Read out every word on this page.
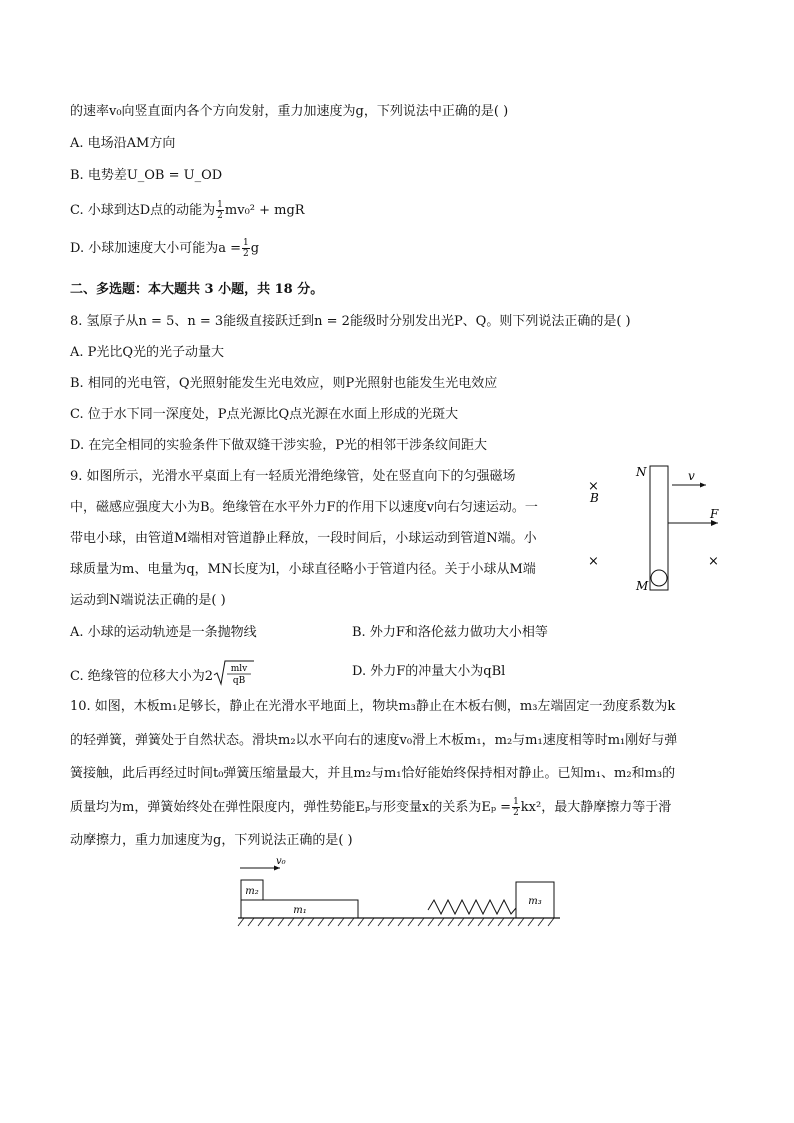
的速率v₀向竖直面内各个方向发射，重力加速度为g，下列说法中正确的是( )
A. 电场沿AM方向
B. 电势差U_OB = U_OD
C. 小球到达D点的动能为 $\frac{1}{2} mv_0^2$ + mgR
D. 小球加速度大小可能为$a = \frac{1}{2}$ g
二、多选题：本大题共 3 小题，共 18 分。
8. 氢原子从n = 5、n = 3能级直接跃迁到n = 2能级时分别发出光P、Q。则下列说法正确的是( )
A. P光比Q光的光子动量大
B. 相同的光电管，Q光照射能发生光电效应，则P光照射也能发生光电效应
C. 位于水下同一深度处，P点光源比Q点光源在水面上形成的光斑大
D. 在完全相同的实验条件下做双缝干涉实验，P光的相邻干涉条纹间距大
9. 如图所示，光滑水平桌面上有一轻质光滑绝缘管，处在竖直向下的匀强磁场
中，磁感应强度大小为B。绝缘管在水平外力F的作用下以速度v向右匀速运动。一
带电小球，由管道M端相对管道静止释放，一段时间后，小球运动到管道N端。小
球质量为m、电量为q，MN长度为l，小球直径略小于管道内径。关于小球从M端
运动到N端说法正确的是( )
A. 小球的运动轨迹是一条抛物线	B. 外力F和洛伦兹力做功大小相等
C. 绝缘管的位移大小为2 mlv
qB
D. 外力F的冲量大小为qBl
N
M
×
B
×	×
v
F
10. 如图，木板m₁足够长，静止在光滑水平地面上，物块m₃静止在木板右侧，m₃左端固定一劲度系数为k
的轻弹簧，弹簧处于自然状态。滑块m₂以水平向右的速度v₀滑上木板m₁，m₂与m₁速度相等时m₁刚好与弹
簧接触，此后再经过时间t₀弹簧压缩量最大，并且m₂与m₁恰好能始终保持相对静止。已知m₁、m₂和m₃的
质量均为m，弹簧始终处在弹性限度内，弹性势能Eₚ与形变量x的关系为$E_p = \frac{1}{2} kx^2$，最大静摩擦力等于滑
动摩擦力，重力加速度为g，下列说法正确的是( )
v₀
m₂
m₁
m₃
